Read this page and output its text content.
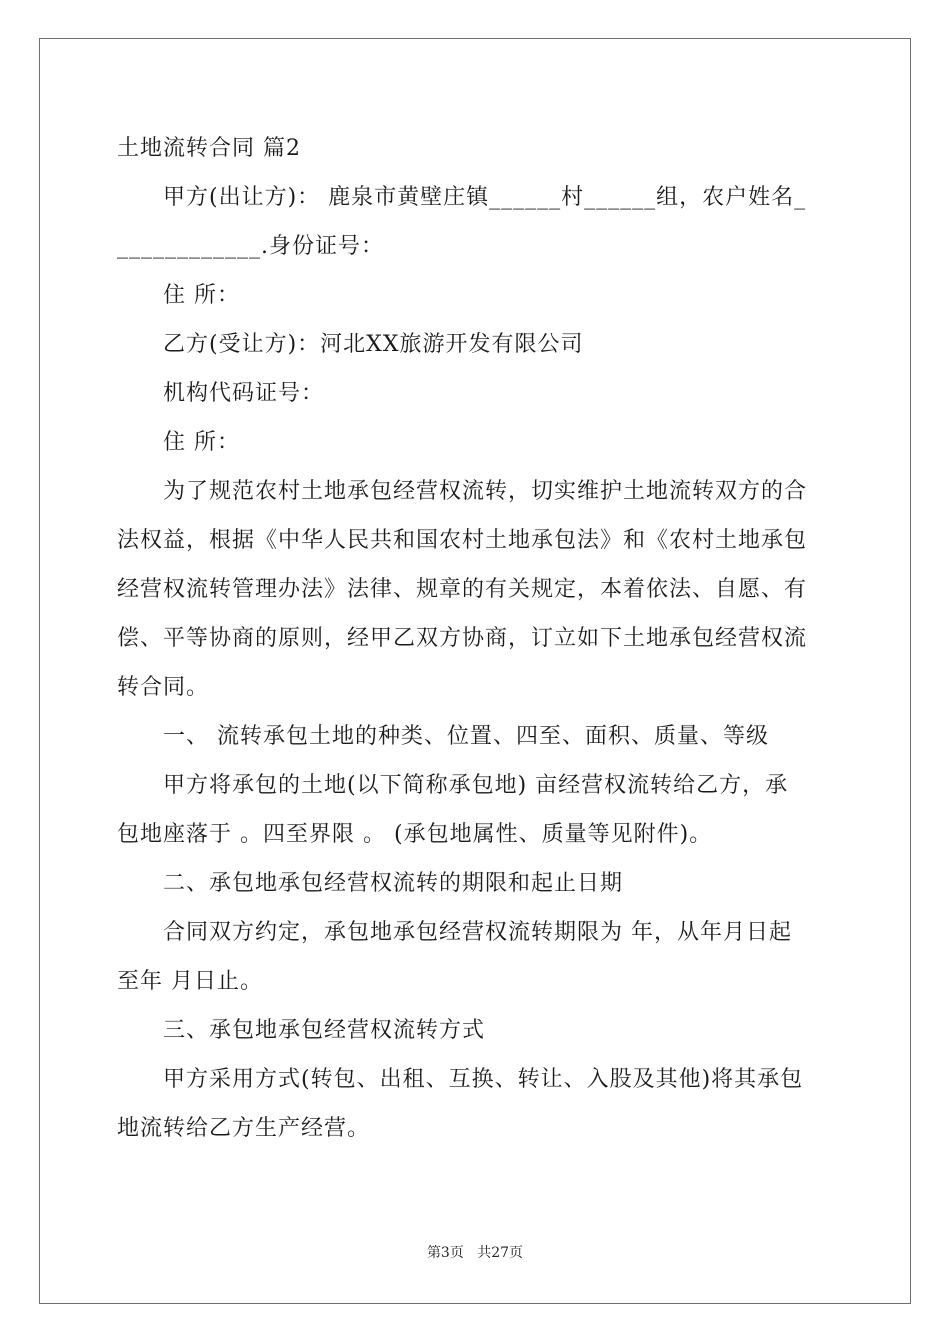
土地流转合同 篇2
甲方(出让方)： 鹿泉市黄壁庄镇______村______组，农户姓名_
____________.身份证号：
住 所：
乙方(受让方)：河北XX旅游开发有限公司
机构代码证号：
住 所：
为了规范农村土地承包经营权流转，切实维护土地流转双方的合
法权益，根据《中华人民共和国农村土地承包法》和《农村土地承包
经营权流转管理办法》法律、规章的有关规定，本着依法、自愿、有
偿、平等协商的原则，经甲乙双方协商，订立如下土地承包经营权流
转合同。
一、 流转承包土地的种类、位置、四至、面积、质量、等级
甲方将承包的土地(以下简称承包地) 亩经营权流转给乙方，承
包地座落于 。四至界限 。 (承包地属性、质量等见附件)。
二、承包地承包经营权流转的期限和起止日期
合同双方约定，承包地承包经营权流转期限为 年，从年月日起
至年 月日止。
三、承包地承包经营权流转方式
甲方采用方式(转包、出租、互换、转让、入股及其他)将其承包
地流转给乙方生产经营。
第3页 共27页
